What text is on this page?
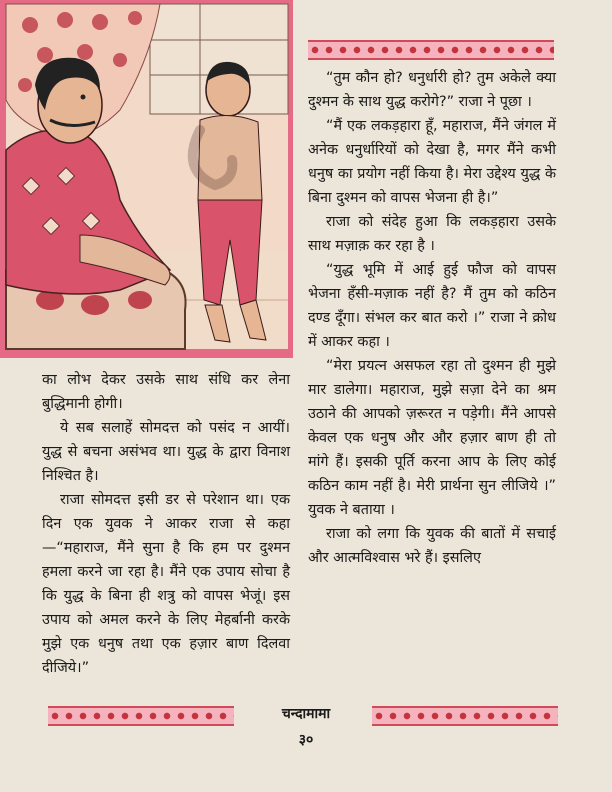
“तुम कौन हो? धनुर्धारी हो? तुम अकेले क्या दुश्मन के साथ युद्ध करोगे?” राजा ने पूछा ।

“मैं एक लकड़हारा हूँ, महाराज, मैंने जंगल में अनेक धनुर्धारियों को देखा है, मगर मैंने कभी धनुष का प्रयोग नहीं किया है। मेरा उद्देश्य युद्ध के बिना दुश्मन को वापस भेजना ही है।”

राजा को संदेह हुआ कि लकड़हारा उसके साथ मज़ाक़ कर रहा है ।

“युद्ध भूमि में आई हुई फौज को वापस भेजना हँसी-मज़ाक नहीं है? मैं तुम को कठिन दण्ड दूँगा। संभल कर बात करो ।” राजा ने क्रोध में आकर कहा ।

“मेरा प्रयत्न असफल रहा तो दुश्मन ही मुझे मार डालेगा। महाराज, मुझे सज़ा देने का श्रम उठाने की आपको ज़रूरत न पड़ेगी। मैंने आपसे केवल एक धनुष और और हज़ार बाण ही तो मांगे हैं। इसकी पूर्ति करना आप के लिए कोई कठिन काम नहीं है। मेरी प्रार्थना सुन लीजिये ।” युवक ने बताया ।

राजा को लगा कि युवक की बातों में सचाई और आत्मविश्वास भरे हैं। इसलिए

का लोभ देकर उसके साथ संधि कर लेना बुद्धिमानी होगी।

ये सब सलाहें सोमदत्त को पसंद न आयीं। युद्ध से बचना असंभव था। युद्ध के द्वारा विनाश निश्चित है।

राजा सोमदत्त इसी डर से परेशान था। एक दिन एक युवक ने आकर राजा से कहा—“महाराज, मैंने सुना है कि हम पर दुश्मन हमला करने जा रहा है। मैंने एक उपाय सोचा है कि युद्ध के बिना ही शत्रु को वापस भेजूं। इस उपाय को अमल करने के लिए मेहर्बानी करके मुझे एक धनुष तथा एक हज़ार बाण दिलवा दीजिये।”

चन्दामामा
३०
